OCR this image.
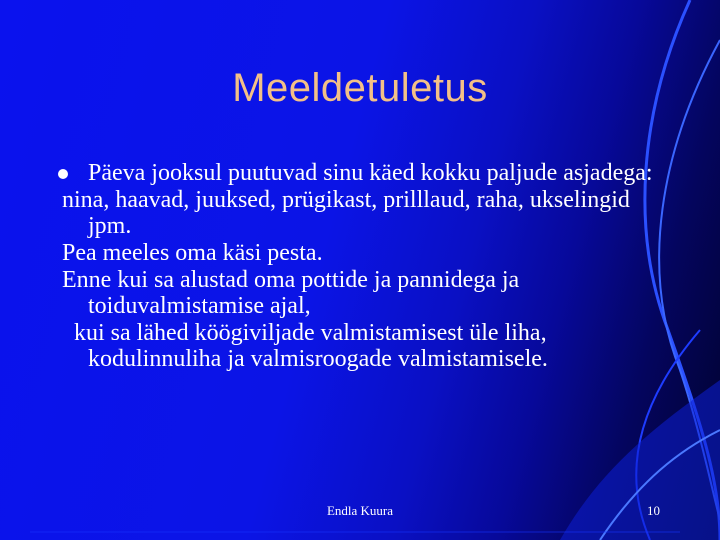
Meeldetuletus

Päeva jooksul puutuvad sinu käed kokku paljude asjadega:

nina, haavad, juuksed, prügikast, prilllaud, raha, ukselingid jpm.

Pea meeles oma käsi pesta.

Enne kui sa alustad oma pottide ja pannidega ja toiduvalmistamise ajal,

kui sa lähed köögiviljade valmistamisest üle liha, kodulinnuliha ja valmisroogade valmistamisele.

Endla Kuura	10
